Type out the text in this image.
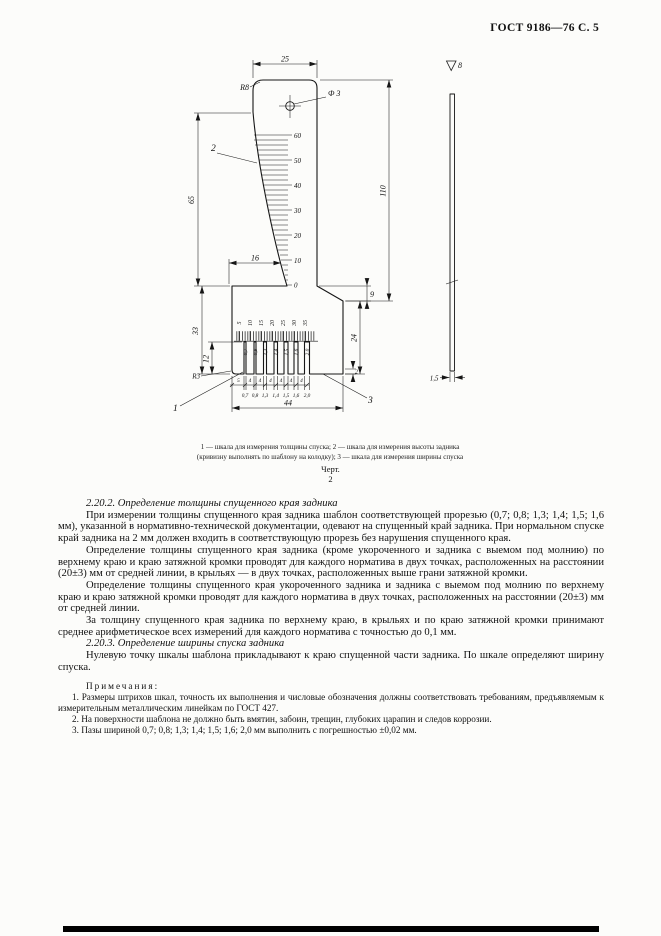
ГОСТ 9186—76 С. 5
60
50
40
30
20
10
0
5 10 15 20 25 30 35
0,7 0,8 1,3 1,4 1,5 1,6 2,0
0,7 0,8 1,3 1,4 1,5 1,6 2,0
5 4 4 4 4 4 4
25
R8
Ф 3
110
65
16
9
24
33
12
R3	2
44
2
1
3
8
1,5
1 — шкала для измерения толщины спуска; 2 — шкала для измерения высоты задника
(кривизну выполнять по шаблону на колодку); 3 — шкала для измерения ширины спуска
Черт.
2

2.20.2. Определение толщины спущенного края задника

При измерении толщины спущенного края задника шаблон соответствующей прорезью (0,7; 0,8; 1,3; 1,4; 1,5; 1,6 мм), указанной в нормативно-технической документации, одевают на спущенный край задника. При нормальном спуске край задника на 2 мм должен входить в соответствующую прорезь без нарушения спущенного края.

Определение толщины спущенного края задника (кроме укороченного и задника с выемом под молнию) по верхнему краю и краю затяжной кромки проводят для каждого норматива в двух точках, расположенных на расстоянии (20±3) мм от средней линии, в крыльях — в двух точках, расположенных выше грани затяжной кромки.

Определение толщины спущенного края укороченного задника и задника с выемом под молнию по верхнему краю и краю затяжной кромки проводят для каждого норматива в двух точках, расположенных на расстоянии (20±3) мм от средней линии.

За толщину спущенного края задника по верхнему краю, в крыльях и по краю затяжной кромки принимают среднее арифметическое всех измерений для каждого норматива с точностью до 0,1 мм.

2.20.3. Определение ширины спуска задника

Нулевую точку шкалы шаблона прикладывают к краю спущенной части задника. По шкале определяют ширину спуска.

Примечания:

1. Размеры штрихов шкал, точность их выполнения и числовые обозначения должны соответствовать требованиям, предъявляемым к измерительным металлическим линейкам по ГОСТ 427.

2. На поверхности шаблона не должно быть вмятин, забоин, трещин, глубоких царапин и следов коррозии.

3. Пазы шириной 0,7; 0,8; 1,3; 1,4; 1,5; 1,6; 2,0 мм выполнить с погрешностью ±0,02 мм.
